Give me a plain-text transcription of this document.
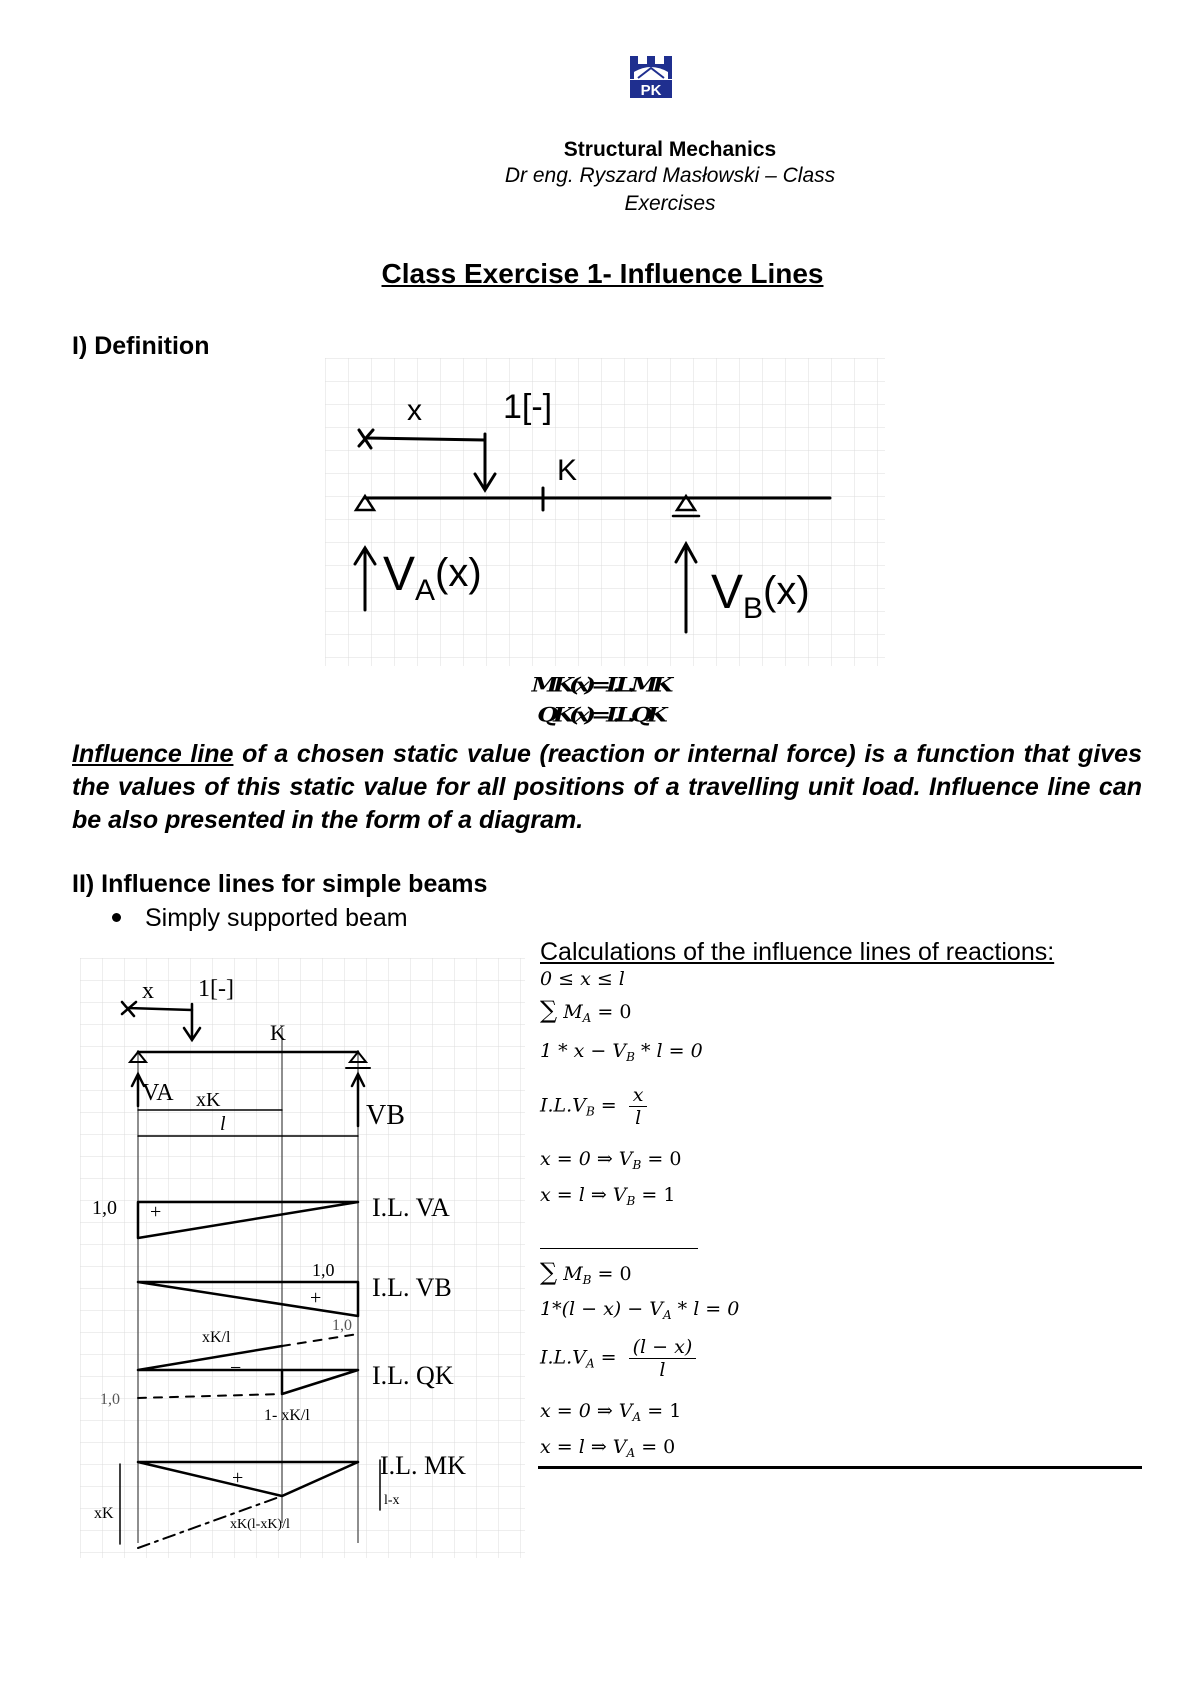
PK
Structural Mechanics
Dr eng. Ryszard Masłowski – Class
Exercises
Class Exercise 1- Influence Lines
I) Definition
x 1[-]
K
$V_A^{(x)}$	$V_B^{(x)}$
MK(x)=I.L.MK
QK(x)=I.L.QK
Influence line of a chosen static value (reaction or internal force) is a function that gives the values of this static value for all positions of a travelling unit load. Influence line can be also presented in the form of a diagram.
II) Influence lines for simple beams
Simply supported beam
x 1[-]
K
VA xK
l	VB
1,0 +	I.L. VA
1,0
+ I.L. VB
xK/l
−
1,0
1,0
1- xK/l
I.L. QK
+	I.L. MK
xK(l-xK)/l
l-x
xK
Calculations of the influence lines of reactions:
0 ≤ x ≤ l
∑ $M_A = 0$
$1 * x - V_B * l = 0$
$I.L.V_B = \frac{x}{l}$
x = 0 ⇒ $V_B = 0$
x = l ⇒ $V_B = 1$
∑ $M_B = 0$
$1*(l - x) - V_A * l = 0$
$I.L.V_A = \frac{(l - x)}{l}$
x = 0 ⇒ $V_A = 1$
x = l ⇒ $V_A = 0$
